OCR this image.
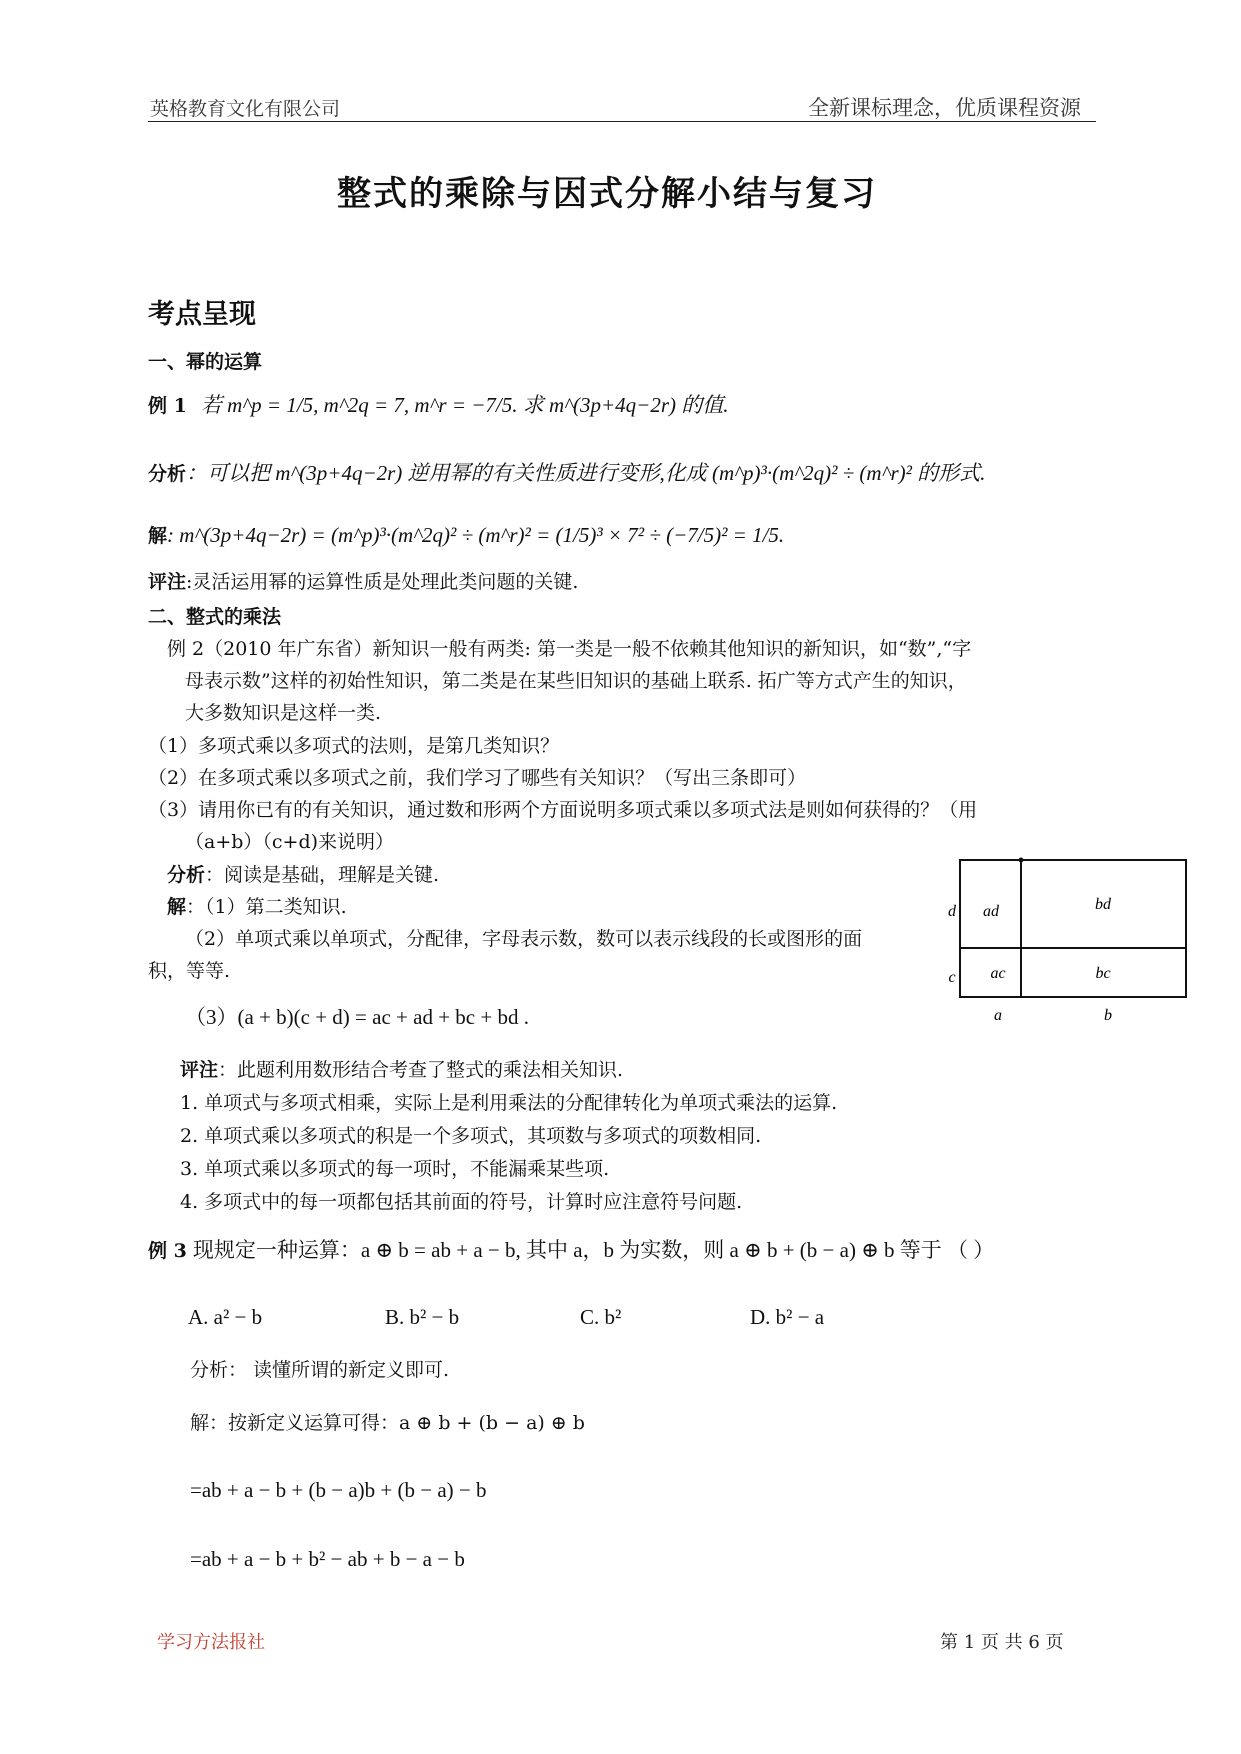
英格教育文化有限公司	全新课标理念，优质课程资源
整式的乘除与因式分解小结与复习
考点呈现
一、幂的运算
例 1 若 m^p = 1/5, m^2q = 7, m^r = −7/5. 求 m^(3p+4q−2r) 的值.
分析：可以把 m^(3p+4q−2r) 逆用幂的有关性质进行变形,化成 (m^p)³·(m^2q)² ÷ (m^r)² 的形式.
解: m^(3p+4q−2r) = (m^p)³·(m^2q)² ÷ (m^r)² = (1/5)³ × 7² ÷ (−7/5)² = 1/5.
评注:灵活运用幂的运算性质是处理此类问题的关键.
二、整式的乘法
例 2（2010 年广东省）新知识一般有两类: 第一类是一般不依赖其他知识的新知识，如“数”,“字
母表示数”这样的初始性知识，第二类是在某些旧知识的基础上联系. 拓广等方式产生的知识，
大多数知识是这样一类.
（1）多项式乘以多项式的法则，是第几类知识？
（2）在多项式乘以多项式之前，我们学习了哪些有关知识？（写出三条即可）
（3）请用你已有的有关知识，通过数和形两个方面说明多项式乘以多项式法是则如何获得的？（用
（a+b）（c+d)来说明）
分析：阅读是基础，理解是关键.
解：（1）第二类知识.
（2）单项式乘以单项式，分配律，字母表示数，数可以表示线段的长或图形的面
积，等等.
（3）(a + b)(c + d) = ac + ad + bc + bd .
评注：此题利用数形结合考查了整式的乘法相关知识.
1. 单项式与多项式相乘，实际上是利用乘法的分配律转化为单项式乘法的运算.
2. 单项式乘以多项式的积是一个多项式，其项数与多项式的项数相同.
3. 单项式乘以多项式的每一项时，不能漏乘某些项.
4. 多项式中的每一项都包括其前面的符号，计算时应注意符号问题.
ad	bd
ac	bc
d
c
a	b
例 3 现规定一种运算：a ⊕ b = ab + a − b, 其中 a，b 为实数，则 a ⊕ b + (b − a) ⊕ b 等于 （ ）
A. a² − b	B. b² − b	C. b²	D. b² − a
分析： 读懂所谓的新定义即可.
解：按新定义运算可得：a ⊕ b + (b − a) ⊕ b
=ab + a − b + (b − a)b + (b − a) − b
=ab + a − b + b² − ab + b − a − b
学习方法报社	第 1 页 共 6 页
